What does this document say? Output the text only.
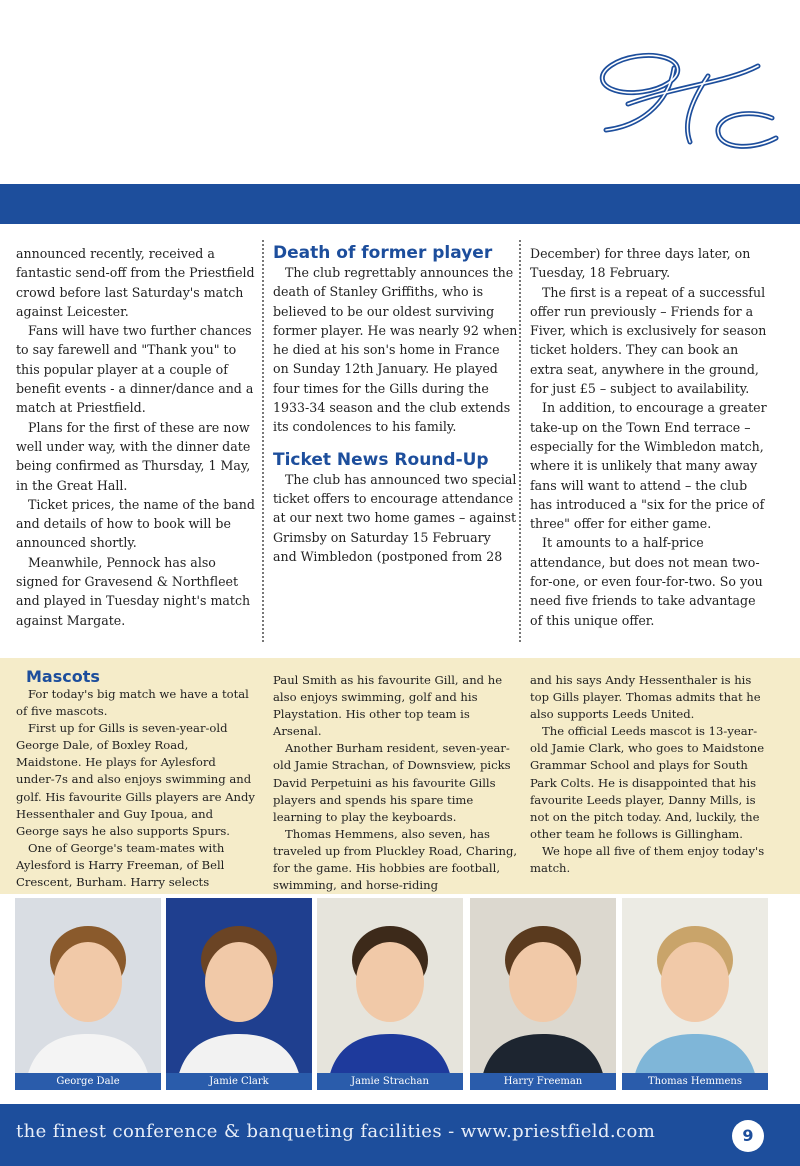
announced recently, received a fantastic send-off from the Priestfield crowd before last Saturday's match against Leicester.

Fans will have two further chances to say farewell and "Thank you" to this popular player at a couple of benefit events - a dinner/dance and a match at Priestfield.

Plans for the first of these are now well under way, with the dinner date being confirmed as Thursday, 1 May, in the Great Hall.

Ticket prices, the name of the band and details of how to book will be announced shortly.

Meanwhile, Pennock has also signed for Gravesend & Northfleet and played in Tuesday night's match against Margate.

Death of former player

The club regrettably announces the death of Stanley Griffiths, who is believed to be our oldest surviving former player. He was nearly 92 when he died at his son's home in France on Sunday 12th January. He played four times for the Gills during the 1933-34 season and the club extends its condolences to his family.

Ticket News Round-Up

The club has announced two special ticket offers to encourage attendance at our next two home games – against Grimsby on Saturday 15 February and Wimbledon (postponed from 28

December) for three days later, on Tuesday, 18 February.

The first is a repeat of a successful offer run previously – Friends for a Fiver, which is exclusively for season ticket holders. They can book an extra seat, anywhere in the ground, for just £5 – subject to availability.

In addition, to encourage a greater take-up on the Town End terrace – especially for the Wimbledon match, where it is unlikely that many away fans will want to attend – the club has introduced a "six for the price of three" offer for either game.

It amounts to a half-price attendance, but does not mean two-for-one, or even four-for-two. So you need five friends to take advantage of this unique offer.

Mascots

For today's big match we have a total of five mascots.

First up for Gills is seven-year-old George Dale, of Boxley Road, Maidstone. He plays for Aylesford under-7s and also enjoys swimming and golf. His favourite Gills players are Andy Hessenthaler and Guy Ipoua, and George says he also supports Spurs.

One of George's team-mates with Aylesford is Harry Freeman, of Bell Crescent, Burham. Harry selects

Paul Smith as his favourite Gill, and he also enjoys swimming, golf and his Playstation. His other top team is Arsenal.

Another Burham resident, seven-year-old Jamie Strachan, of Downsview, picks David Perpetuini as his favourite Gills players and spends his spare time learning to play the keyboards.

Thomas Hemmens, also seven, has traveled up from Pluckley Road, Charing, for the game. His hobbies are football, swimming, and horse-riding

and his says Andy Hessenthaler is his top Gills player. Thomas admits that he also supports Leeds United.

The official Leeds mascot is 13-year-old Jamie Clark, who goes to Maidstone Grammar School and plays for South Park Colts. He is disappointed that his favourite Leeds player, Danny Mills, is not on the pitch today. And, luckily, the other team he follows is Gillingham.

We hope all five of them enjoy today's match.

George Dale	Jamie Clark	Jamie Strachan	Harry Freeman	Thomas Hemmens
the finest conference & banqueting facilities - www.priestfield.com	9
